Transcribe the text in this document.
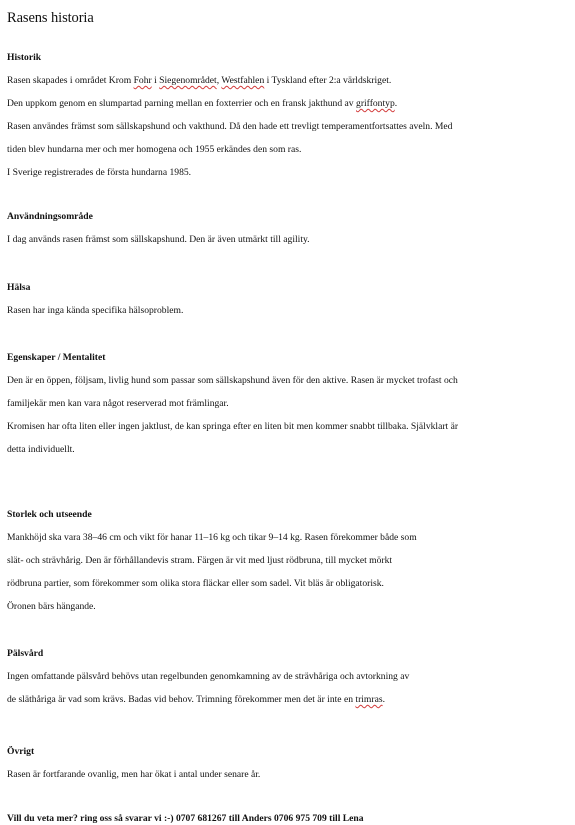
Rasens historia
Historik

Rasen skapades i området Krom Fohr i Siegenområdet, Westfahlen i Tyskland efter 2:a världskriget.

Den uppkom genom en slumpartad parning mellan en foxterrier och en fransk jakthund av griffontyp.

Rasen användes främst som sällskapshund och vakthund. Då den hade ett trevligt temperamentfortsattes aveln. Med

tiden blev hundarna mer och mer homogena och 1955 erkändes den som ras.

I Sverige registrerades de första hundarna 1985.

Användningsområde

I dag används rasen främst som sällskapshund. Den är även utmärkt till agility.

Hälsa

Rasen har inga kända specifika hälsoproblem.

Egenskaper / Mentalitet

Den är en öppen, följsam, livlig hund som passar som sällskapshund även för den aktive. Rasen är mycket trofast och

familjekär men kan vara något reserverad mot främlingar.

Kromisen har ofta liten eller ingen jaktlust, de kan springa efter en liten bit men kommer snabbt tillbaka. Självklart är

detta individuellt.

Storlek och utseende

Mankhöjd ska vara 38–46 cm och vikt för hanar 11–16 kg och tikar 9–14 kg. Rasen förekommer både som

slät- och strävhårig. Den är förhållandevis stram. Färgen är vit med ljust rödbruna, till mycket mörkt

rödbruna partier, som förekommer som olika stora fläckar eller som sadel. Vit bläs är obligatorisk.

Öronen bärs hängande.

Pälsvård

Ingen omfattande pälsvård behövs utan regelbunden genomkamning av de strävhåriga och avtorkning av

de släthåriga är vad som krävs. Badas vid behov. Trimning förekommer men det är inte en trimras.

Övrigt

Rasen är fortfarande ovanlig, men har ökat i antal under senare år.

Vill du veta mer? ring oss så svarar vi :-) 0707 681267 till Anders 0706 975 709 till Lena
